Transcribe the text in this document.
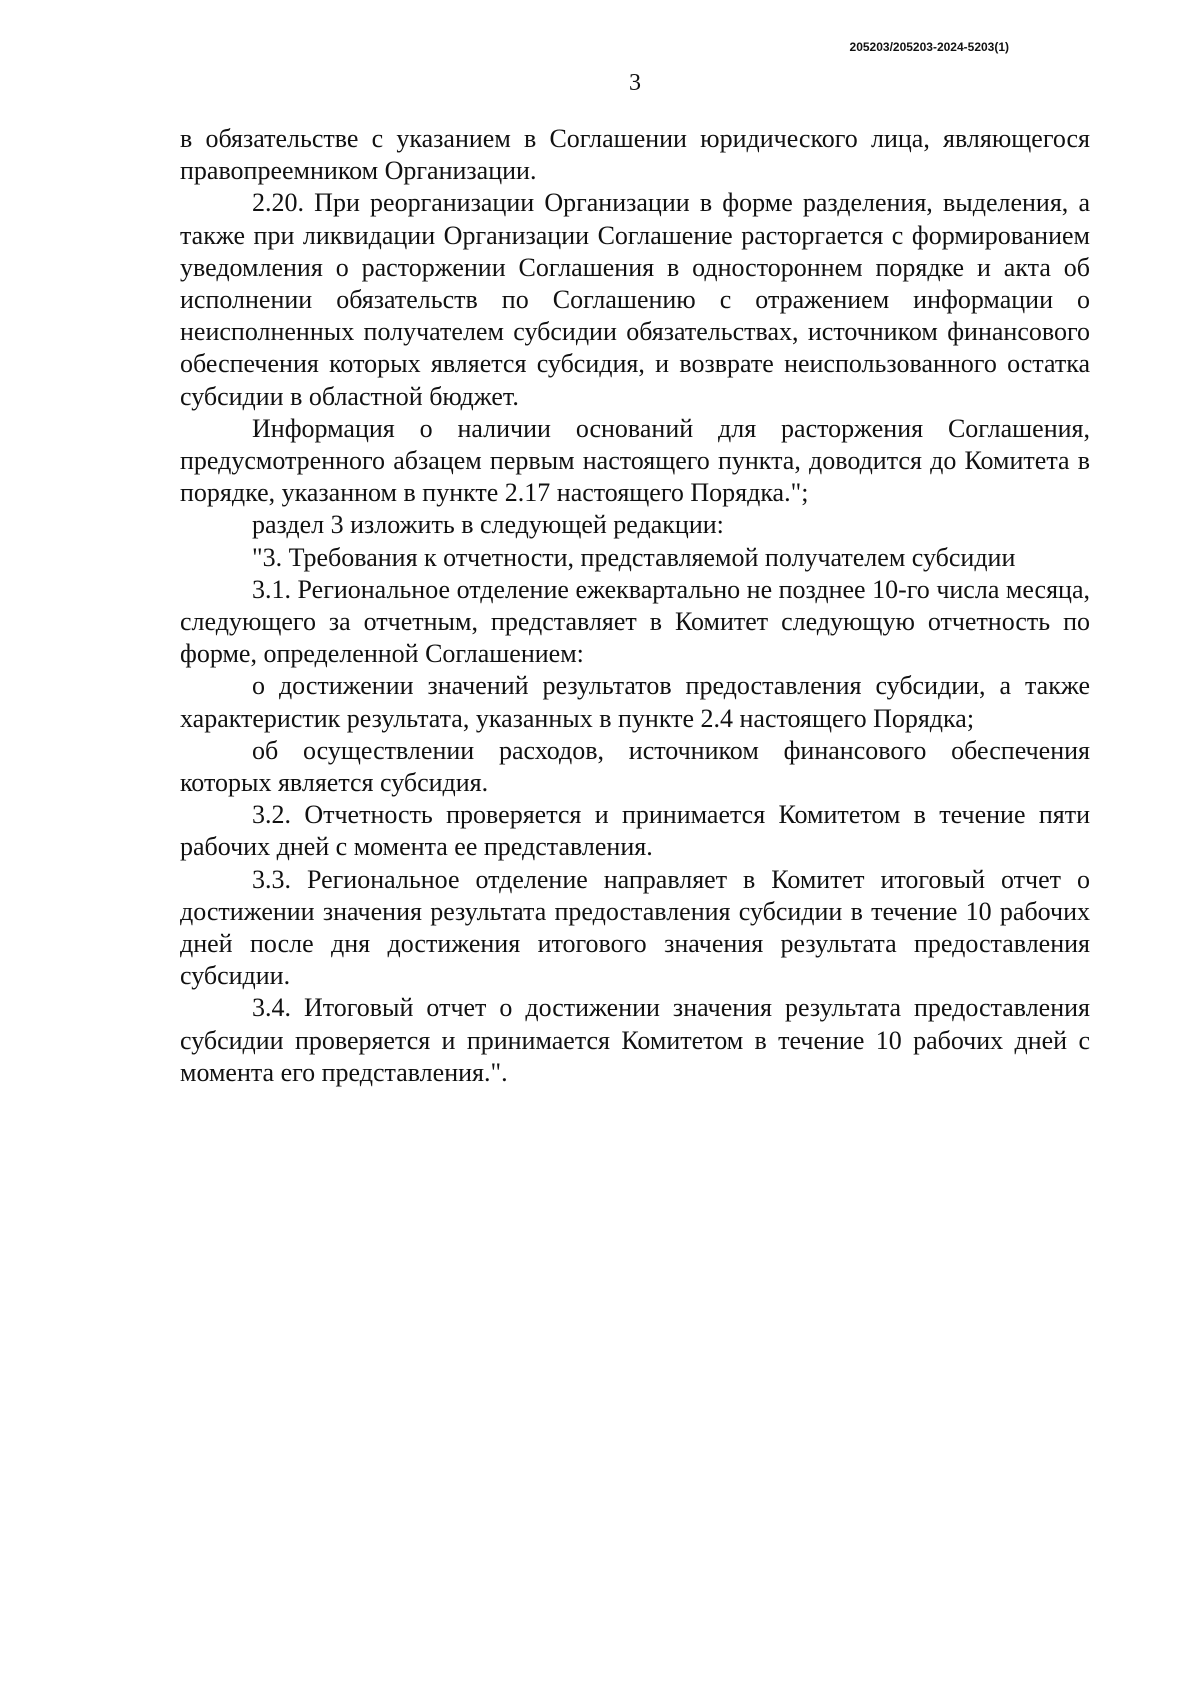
205203/205203-2024-5203(1)
3

в обязательстве с указанием в Соглашении юридического лица, являющегося правопреемником Организации.

2.20. При реорганизации Организации в форме разделения, выделения, а также при ликвидации Организации Соглашение расторгается с формированием уведомления о расторжении Соглашения в одностороннем порядке и акта об исполнении обязательств по Соглашению с отражением информации о неисполненных получателем субсидии обязательствах, источником финансового обеспечения которых является субсидия, и возврате неиспользованного остатка субсидии в областной бюджет.

Информация о наличии оснований для расторжения Соглашения, предусмотренного абзацем первым настоящего пункта, доводится до Комитета в порядке, указанном в пункте 2.17 настоящего Порядка.";

раздел 3 изложить в следующей редакции:

"3. Требования к отчетности, представляемой получателем субсидии

3.1. Региональное отделение ежеквартально не позднее 10-го числа месяца, следующего за отчетным, представляет в Комитет следующую отчетность по форме, определенной Соглашением:

о достижении значений результатов предоставления субсидии, а также характеристик результата, указанных в пункте 2.4 настоящего Порядка;

об осуществлении расходов, источником финансового обеспечения которых является субсидия.

3.2. Отчетность проверяется и принимается Комитетом в течение пяти рабочих дней с момента ее представления.

3.3. Региональное отделение направляет в Комитет итоговый отчет о достижении значения результата предоставления субсидии в течение 10 рабочих дней после дня достижения итогового значения результата предоставления субсидии.

3.4. Итоговый отчет о достижении значения результата предоставления субсидии проверяется и принимается Комитетом в течение 10 рабочих дней с момента его представления.".
